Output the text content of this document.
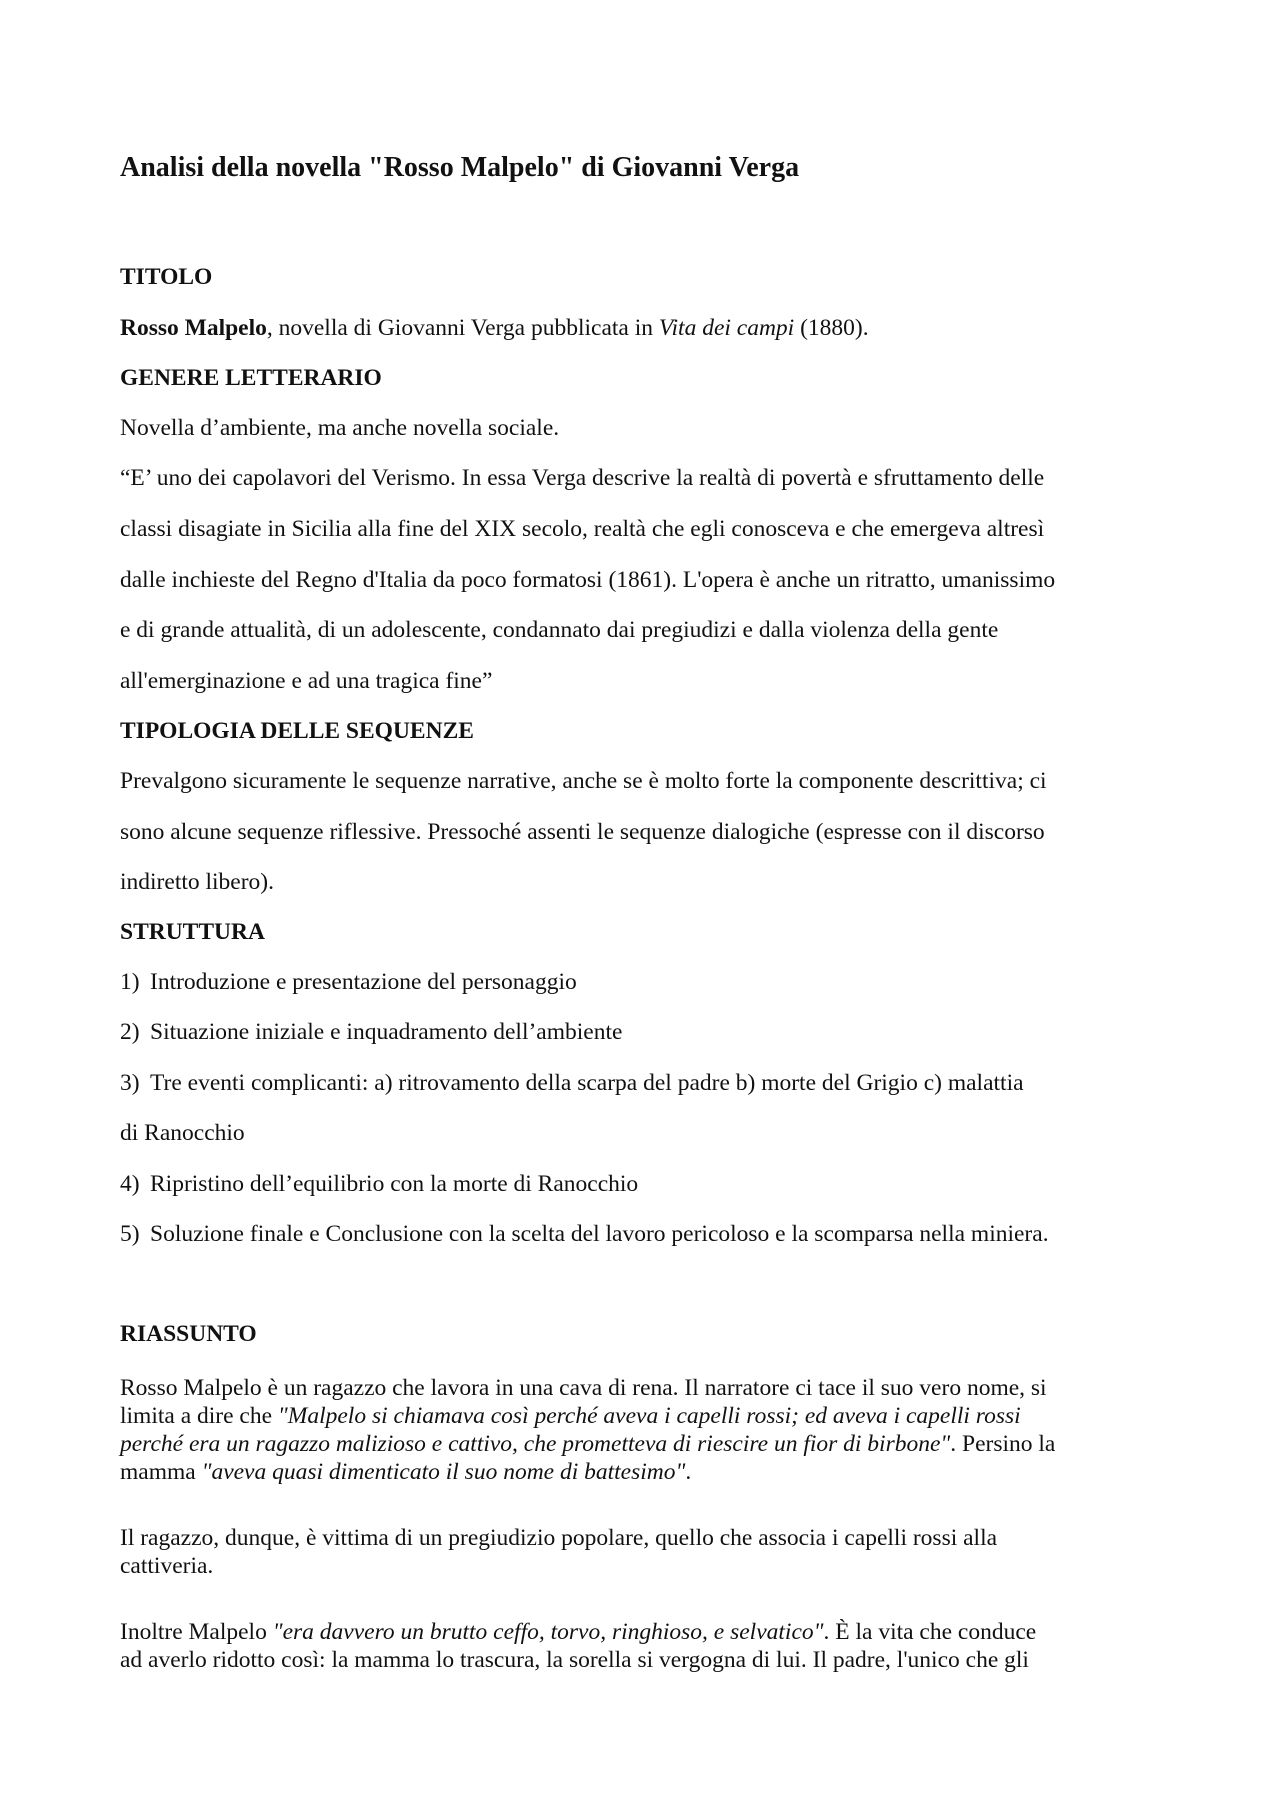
Analisi della novella "Rosso Malpelo" di Giovanni Verga
TITOLO
Rosso Malpelo, novella di Giovanni Verga pubblicata in Vita dei campi (1880).
GENERE LETTERARIO
Novella d’ambiente, ma anche novella sociale.
“E’ uno dei capolavori del Verismo. In essa Verga descrive la realtà di povertà e sfruttamento delle
classi disagiate in Sicilia alla fine del XIX secolo, realtà che egli conosceva e che emergeva altresì
dalle inchieste del Regno d'Italia da poco formatosi (1861). L'opera è anche un ritratto, umanissimo
e di grande attualità, di un adolescente, condannato dai pregiudizi e dalla violenza della gente
all'emerginazione e ad una tragica fine”
TIPOLOGIA DELLE SEQUENZE
Prevalgono sicuramente le sequenze narrative, anche se è molto forte la componente descrittiva; ci
sono alcune sequenze riflessive. Pressoché assenti le sequenze dialogiche (espresse con il discorso
indiretto libero).
STRUTTURA
1) Introduzione e presentazione del personaggio
2) Situazione iniziale e inquadramento dell’ambiente
3) Tre eventi complicanti: a) ritrovamento della scarpa del padre b) morte del Grigio c) malattia
di Ranocchio
4) Ripristino dell’equilibrio con la morte di Ranocchio
5) Soluzione finale e Conclusione con la scelta del lavoro pericoloso e la scomparsa nella miniera.
RIASSUNTO
Rosso Malpelo è un ragazzo che lavora in una cava di rena. Il narratore ci tace il suo vero nome, si
limita a dire che "Malpelo si chiamava così perché aveva i capelli rossi; ed aveva i capelli rossi
perché era un ragazzo malizioso e cattivo, che prometteva di riescire un fior di birbone". Persino la
mamma "aveva quasi dimenticato il suo nome di battesimo".
Il ragazzo, dunque, è vittima di un pregiudizio popolare, quello che associa i capelli rossi alla
cattiveria.
Inoltre Malpelo "era davvero un brutto ceffo, torvo, ringhioso, e selvatico". È la vita che conduce
ad averlo ridotto così: la mamma lo trascura, la sorella si vergogna di lui. Il padre, l'unico che gli
